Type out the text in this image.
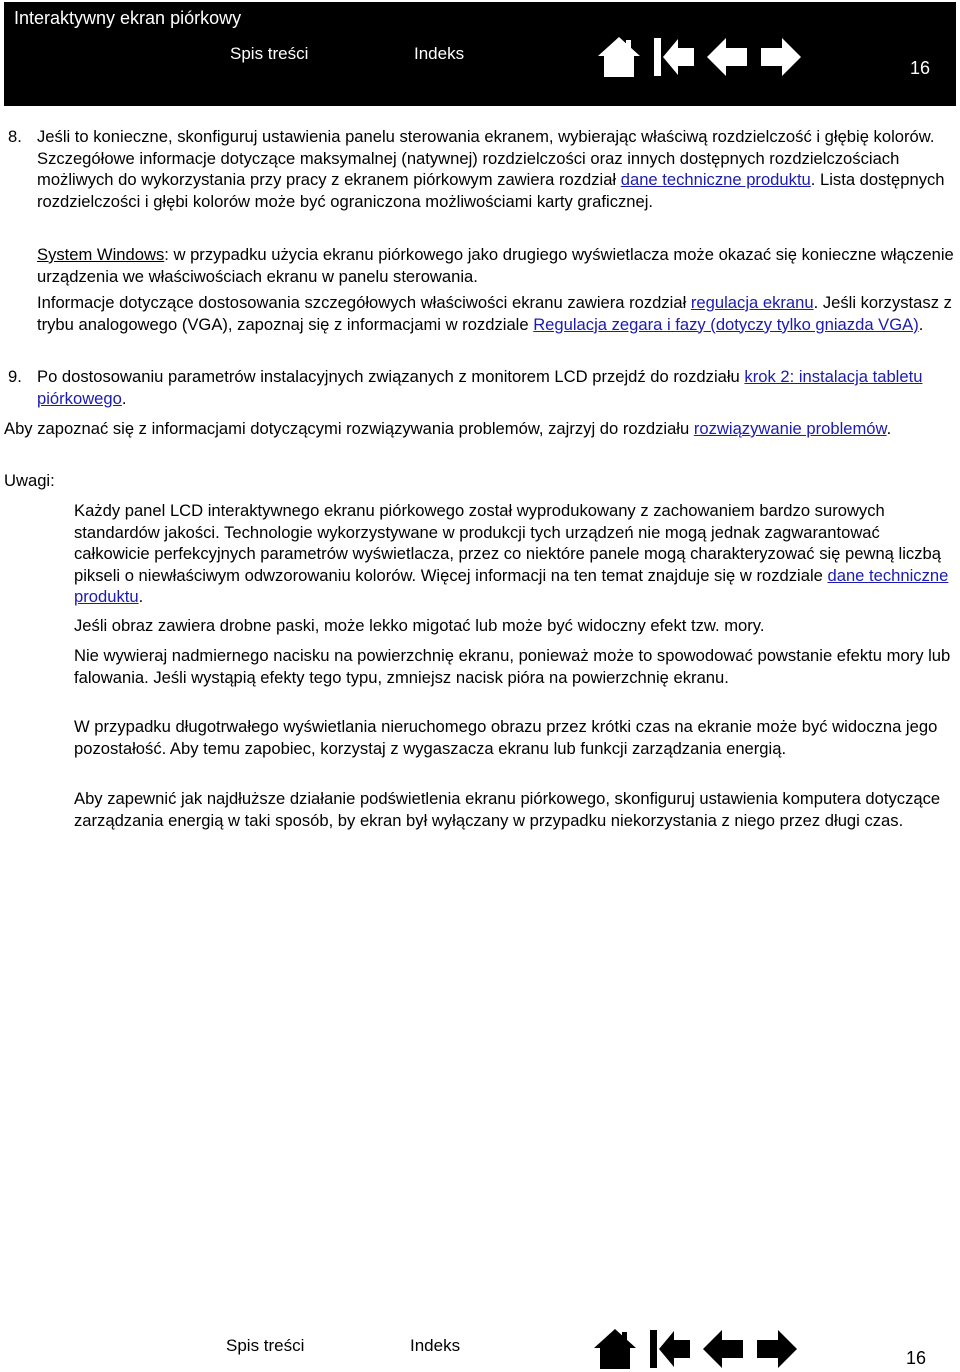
Interaktywny ekran piórkowy
Spis treści	Indeks
16
8. Jeśli to konieczne, skonfiguruj ustawienia panelu sterowania ekranem, wybierając właściwą rozdzielczość i głębię kolorów. Szczegółowe informacje dotyczące maksymalnej (natywnej) rozdzielczości oraz innych dostępnych rozdzielczościach możliwych do wykorzystania przy pracy z ekranem piórkowym zawiera rozdział dane techniczne produktu. Lista dostępnych rozdzielczości i głębi kolorów może być ograniczona możliwościami karty graficznej.

System Windows: w przypadku użycia ekranu piórkowego jako drugiego wyświetlacza może okazać się konieczne włączenie urządzenia we właściwościach ekranu w panelu sterowania.

Informacje dotyczące dostosowania szczegółowych właściwości ekranu zawiera rozdział regulacja ekranu. Jeśli korzystasz z trybu analogowego (VGA), zapoznaj się z informacjami w rozdziale Regulacja zegara i fazy (dotyczy tylko gniazda VGA).

9. Po dostosowaniu parametrów instalacyjnych związanych z monitorem LCD przejdź do rozdziału krok 2: instalacja tabletu piórkowego.

Aby zapoznać się z informacjami dotyczącymi rozwiązywania problemów, zajrzyj do rozdziału rozwiązywanie problemów.

Uwagi:

Każdy panel LCD interaktywnego ekranu piórkowego został wyprodukowany z zachowaniem bardzo surowych standardów jakości. Technologie wykorzystywane w produkcji tych urządzeń nie mogą jednak zagwarantować całkowicie perfekcyjnych parametrów wyświetlacza, przez co niektóre panele mogą charakteryzować się pewną liczbą pikseli o niewłaściwym odwzorowaniu kolorów. Więcej informacji na ten temat znajduje się w rozdziale dane techniczne produktu.

Jeśli obraz zawiera drobne paski, może lekko migotać lub może być widoczny efekt tzw. mory.

Nie wywieraj nadmiernego nacisku na powierzchnię ekranu, ponieważ może to spowodować powstanie efektu mory lub falowania. Jeśli wystąpią efekty tego typu, zmniejsz nacisk pióra na powierzchnię ekranu.

W przypadku długotrwałego wyświetlania nieruchomego obrazu przez krótki czas na ekranie może być widoczna jego pozostałość. Aby temu zapobiec, korzystaj z wygaszacza ekranu lub funkcji zarządzania energią.

Aby zapewnić jak najdłuższe działanie podświetlenia ekranu piórkowego, skonfiguruj ustawienia komputera dotyczące zarządzania energią w taki sposób, by ekran był wyłączany w przypadku niekorzystania z niego przez długi czas.

Spis treści	Indeks
16
